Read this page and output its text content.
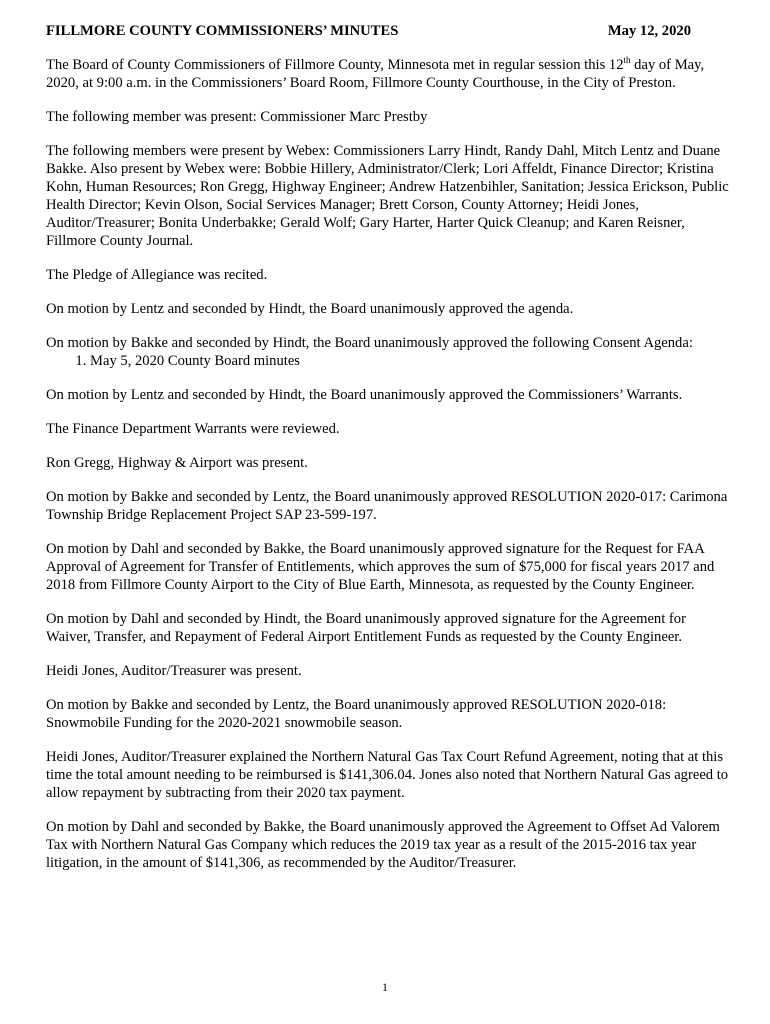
FILLMORE COUNTY COMMISSIONERS’ MINUTES	May 12, 2020

The Board of County Commissioners of Fillmore County, Minnesota met in regular session this 12th day of May, 2020, at 9:00 a.m. in the Commissioners’ Board Room, Fillmore County Courthouse, in the City of Preston.

The following member was present: Commissioner Marc Prestby

The following members were present by Webex: Commissioners Larry Hindt, Randy Dahl, Mitch Lentz and Duane Bakke. Also present by Webex were: Bobbie Hillery, Administrator/Clerk; Lori Affeldt, Finance Director; Kristina Kohn, Human Resources; Ron Gregg, Highway Engineer; Andrew Hatzenbihler, Sanitation; Jessica Erickson, Public Health Director; Kevin Olson, Social Services Manager; Brett Corson, County Attorney; Heidi Jones, Auditor/Treasurer; Bonita Underbakke; Gerald Wolf; Gary Harter, Harter Quick Cleanup; and Karen Reisner, Fillmore County Journal.

The Pledge of Allegiance was recited.

On motion by Lentz and seconded by Hindt, the Board unanimously approved the agenda.

On motion by Bakke and seconded by Hindt, the Board unanimously approved the following Consent Agenda:
1. May 5, 2020 County Board minutes

On motion by Lentz and seconded by Hindt, the Board unanimously approved the Commissioners’ Warrants.

The Finance Department Warrants were reviewed.

Ron Gregg, Highway & Airport was present.

On motion by Bakke and seconded by Lentz, the Board unanimously approved RESOLUTION 2020-017: Carimona Township Bridge Replacement Project SAP 23-599-197.

On motion by Dahl and seconded by Bakke, the Board unanimously approved signature for the Request for FAA Approval of Agreement for Transfer of Entitlements, which approves the sum of $75,000 for fiscal years 2017 and 2018 from Fillmore County Airport to the City of Blue Earth, Minnesota, as requested by the County Engineer.

On motion by Dahl and seconded by Hindt, the Board unanimously approved signature for the Agreement for Waiver, Transfer, and Repayment of Federal Airport Entitlement Funds as requested by the County Engineer.

Heidi Jones, Auditor/Treasurer was present.

On motion by Bakke and seconded by Lentz, the Board unanimously approved RESOLUTION 2020-018: Snowmobile Funding for the 2020-2021 snowmobile season.

Heidi Jones, Auditor/Treasurer explained the Northern Natural Gas Tax Court Refund Agreement, noting that at this time the total amount needing to be reimbursed is $141,306.04. Jones also noted that Northern Natural Gas agreed to allow repayment by subtracting from their 2020 tax payment.

On motion by Dahl and seconded by Bakke, the Board unanimously approved the Agreement to Offset Ad Valorem Tax with Northern Natural Gas Company which reduces the 2019 tax year as a result of the 2015-2016 tax year litigation, in the amount of $141,306, as recommended by the Auditor/Treasurer.

1
